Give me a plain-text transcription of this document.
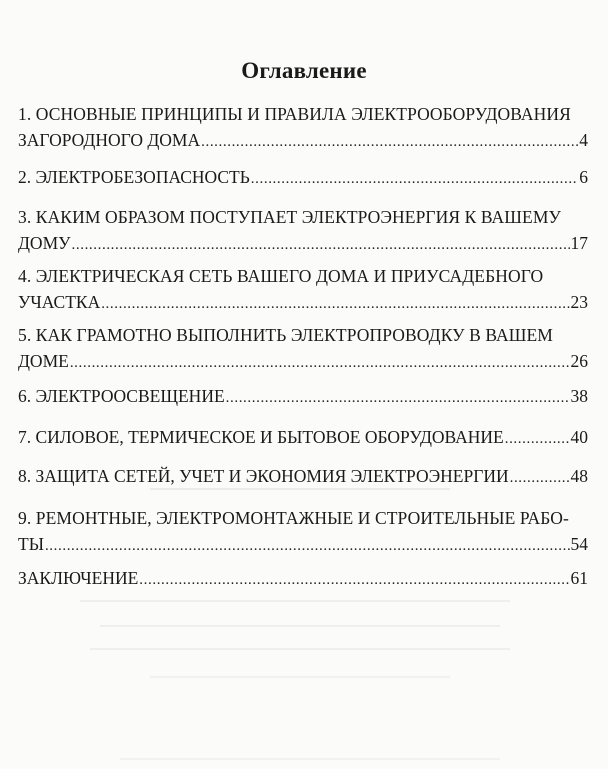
Оглавление
1. ОСНОВНЫЕ ПРИНЦИПЫ И ПРАВИЛА ЭЛЕКТРООБОРУДОВАНИЯ
ЗАГОРОДНОГО ДОМА .....	4
2. ЭЛЕКТРОБЕЗОПАСНОСТЬ .....	6
3. КАКИМ ОБРАЗОМ ПОСТУПАЕТ ЭЛЕКТРОЭНЕРГИЯ К ВАШЕМУ
ДОМУ .....	17
4. ЭЛЕКТРИЧЕСКАЯ СЕТЬ ВАШЕГО ДОМА И ПРИУСАДЕБНОГО
УЧАСТКА .....	23
5. КАК ГРАМОТНО ВЫПОЛНИТЬ ЭЛЕКТРОПРОВОДКУ В ВАШЕМ
ДОМЕ .....	26
6. ЭЛЕКТРООСВЕЩЕНИЕ .....	38
7. СИЛОВОЕ, ТЕРМИЧЕСКОЕ И БЫТОВОЕ ОБОРУДОВАНИЕ .....	40
8. ЗАЩИТА СЕТЕЙ, УЧЕТ И ЭКОНОМИЯ ЭЛЕКТРОЭНЕРГИИ .....	48
9. РЕМОНТНЫЕ, ЭЛЕКТРОМОНТАЖНЫЕ И СТРОИТЕЛЬНЫЕ РАБО-
ТЫ .....	54
ЗАКЛЮЧЕНИЕ .....	61
